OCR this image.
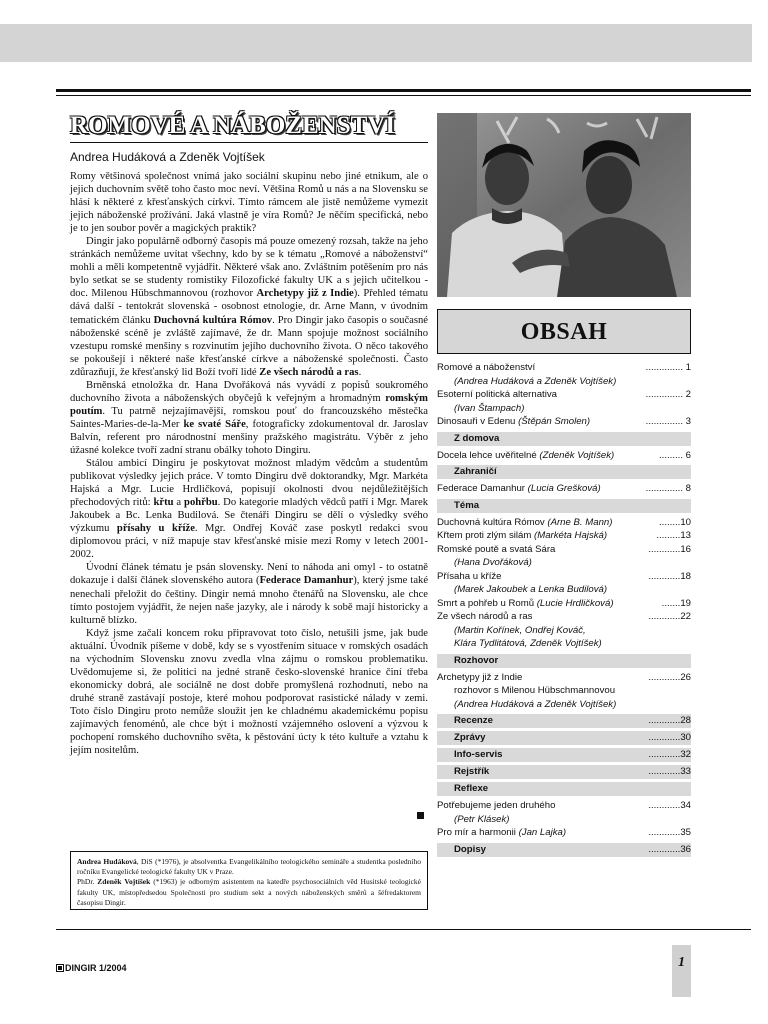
ROMOVÉ A NÁBOŽENSTVÍ
Andrea Hudáková a Zdeněk Vojtíšek

Romy většinová společnost vnímá jako sociální skupinu nebo jiné etnikum, ale o jejich duchovním světě toho často moc neví. Většina Romů u nás a na Slovensku se hlásí k některé z křesťanských církví. Tímto rámcem ale jistě nemůžeme vymezit jejich náboženské prožívání. Jaká vlastně je víra Romů? Je něčím specifická, nebo je to jen soubor pověr a magických praktik?

Dingir jako populárně odborný časopis má pouze omezený rozsah, takže na jeho stránkách nemůžeme uvítat všechny, kdo by se k tématu „Romové a náboženství“ mohli a měli kompetentně vyjádřit. Některé však ano. Zvláštním potěšením pro nás bylo setkat se se studenty romistiky Filozofické fakulty UK a s jejich učitelkou - doc. Milenou Hübschmannovou (rozhovor Archetypy již z Indie). Přehled tématu dává další - tentokrát slovenská - osobnost etnologie, dr. Arne Mann, v úvodním tematickém článku Duchovná kultúra Rómov. Pro Dingir jako časopis o současné náboženské scéně je zvláště zajímavé, že dr. Mann spojuje možnost sociálního vzestupu romské menšiny s rozvinutím jejího duchovního života. O něco takového se pokoušejí i některé naše křesťanské církve a náboženské společnosti. Často zdůrazňují, že křesťanský lid Boží tvoří lidé Ze všech národů a ras.

Brněnská etnoložka dr. Hana Dvořáková nás vyvádí z popisů soukromého duchovního života a náboženských obyčejů k veřejným a hromadným romským poutím. Tu patrně nejzajímavější, romskou pouť do francouzského městečka Saintes-Maries-de-la-Mer ke svaté Sáře, fotograficky zdokumentoval dr. Jaroslav Balvín, referent pro národnostní menšiny pražského magistrátu. Výběr z jeho úžasné kolekce tvoří zadní stranu obálky tohoto Dingiru.

Stálou ambicí Dingiru je poskytovat možnost mladým vědcům a studentům publikovat výsledky jejich práce. V tomto Dingiru dvě doktorandky, Mgr. Markéta Hajská a Mgr. Lucie Hrdličková, popisují okolnosti dvou nejdůležitějších přechodových ritů: křtu a pohřbu. Do kategorie mladých vědců patří i Mgr. Marek Jakoubek a Bc. Lenka Budilová. Se čtenáři Dingiru se dělí o výsledky svého výzkumu přísahy u kříže. Mgr. Ondřej Kováč zase poskytl redakci svou diplomovou práci, v níž mapuje stav křesťanské misie mezi Romy v letech 2001-2002.

Úvodní článek tématu je psán slovensky. Není to náhoda ani omyl - to ostatně dokazuje i další článek slovenského autora (Federace Damanhur), který jsme také nenechali přeložit do češtiny. Dingir nemá mnoho čtenářů na Slovensku, ale chce tímto postojem vyjádřit, že nejen naše jazyky, ale i národy k sobě mají historicky a kulturně blízko.

Když jsme začali koncem roku připravovat toto číslo, netušili jsme, jak bude aktuální. Úvodník píšeme v době, kdy se s vyostřením situace v romských osadách na východním Slovensku znovu zvedla vlna zájmu o romskou problematiku. Uvědomujeme si, že politici na jedné straně česko-slovenské hranice činí třeba ekonomicky dobrá, ale sociálně ne dost dobře promyšlená rozhodnutí, nebo na druhé straně zastávají postoje, které mohou podporovat rasistické nálady v zemi. Toto číslo Dingiru proto nemůže sloužit jen ke chladnému akademickému popisu zajímavých fenoménů, ale chce být i možností vzájemného oslovení a výzvou k pochopení romského duchovního světa, k pěstování úcty k této kultuře a vztahu k jejím nositelům.

Andrea Hudáková, DiS (*1976), je absolventka Evangelikálního teologického semináře a studentka posledního ročníku Evangelické teologické fakulty UK v Praze.

PhDr. Zdeněk Vojtíšek (*1963) je odborným asistentem na katedře psychosociálních věd Husitské teologické fakulty UK, místopředsedou Společnosti pro studium sekt a nových náboženských směrů a šéfredaktorem časopisu Dingir.

OBSAH
Romové a náboženství	.............. 1
(Andrea Hudáková a Zdeněk Vojtíšek)
Esoterní politická alternativa	.............. 2
(Ivan Štampach)
Dinosauři v Edenu (Štěpán Smolen)	.............. 3
Z domova
Docela lehce uvěřitelné (Zdeněk Vojtíšek)	......... 6
Zahraničí
Federace Damanhur (Lucia Grešková)	.............. 8
Téma
Duchovná kultúra Rómov (Arne B. Mann)	........10
Křtem proti zlým silám (Markéta Hajská)	.........13
Romské poutě a svatá Sára	............16
(Hana Dvořáková)
Přísaha u kříže	............18
(Marek Jakoubek a Lenka Budilová)
Smrt a pohřeb u Romů (Lucie Hrdličková)	.......19
Ze všech národů a ras	............22
(Martin Kořínek, Ondřej Kováč,
Klára Tydlitátová, Zdeněk Vojtíšek)
Rozhovor
Archetypy již z Indie	............26
rozhovor s Milenou Hübschmannovou
(Andrea Hudáková a Zdeněk Vojtíšek)
Recenze	............28
Zprávy	............30
Info-servis	............32
Rejstřík	............33
Reflexe
Potřebujeme jeden druhého	............34
(Petr Klásek)
Pro mír a harmonii (Jan Lajka)	............35
Dopisy	............36
DINGIR 1/2004	1
